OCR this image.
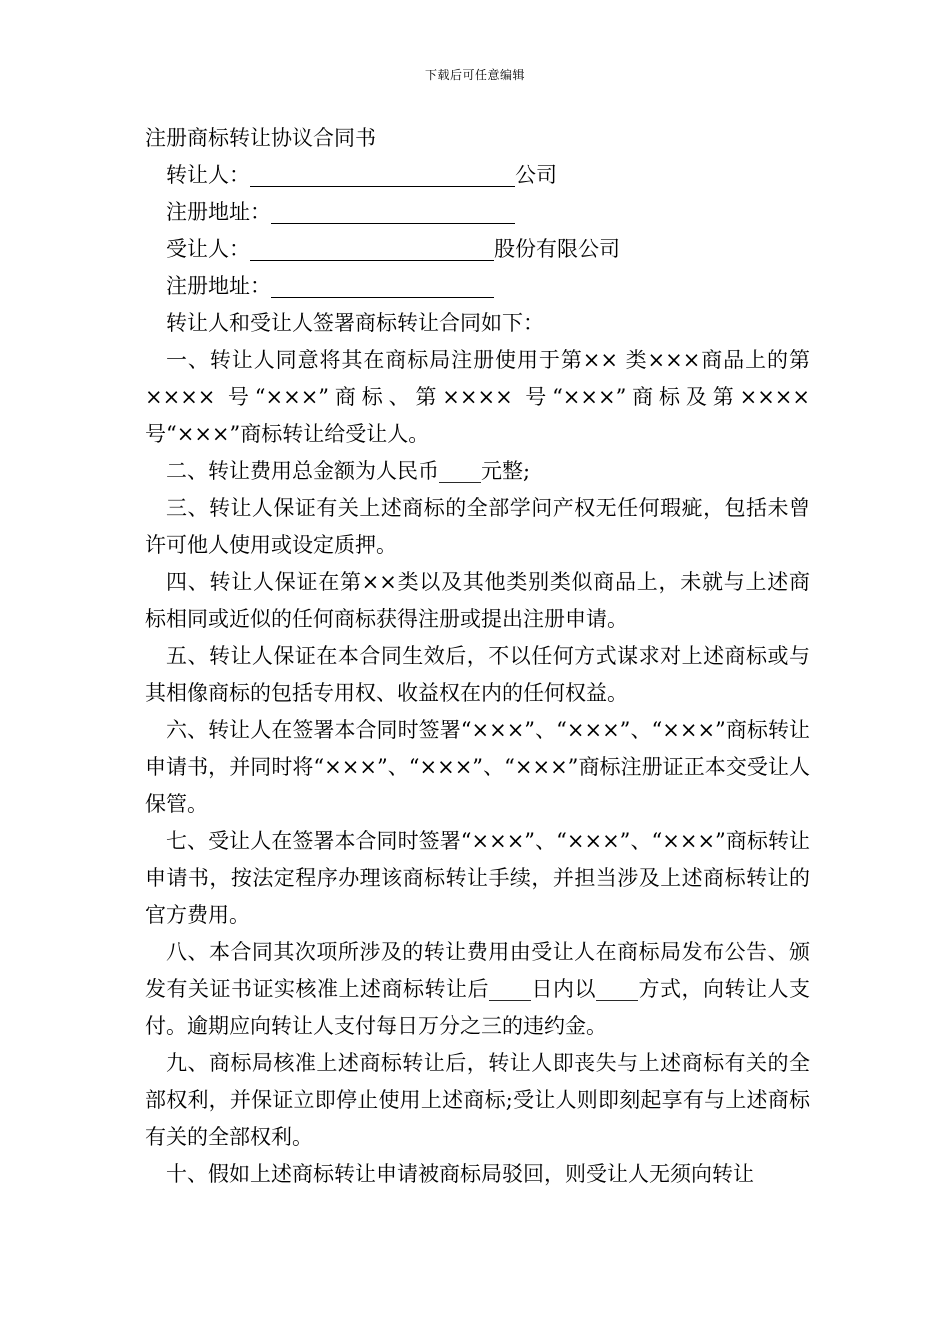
下载后可任意编辑
注册商标转让协议合同书
转让人：	公司
注册地址：
受让人：	股份有限公司
注册地址：

转让人和受让人签署商标转让合同如下：

一、转让人同意将其在商标局注册使用于第×× 类×××商品上的第×××× 号“×××”商标、第×××× 号“×××”商标及第×××× 号“×××”商标转让给受让人。

二、转让费用总金额为人民币____元整;

三、转让人保证有关上述商标的全部学问产权无任何瑕疵，包括未曾许可他人使用或设定质押。

四、转让人保证在第××类以及其他类别类似商品上，未就与上述商标相同或近似的任何商标获得注册或提出注册申请。

五、转让人保证在本合同生效后，不以任何方式谋求对上述商标或与其相像商标的包括专用权、收益权在内的任何权益。

六、转让人在签署本合同时签署“×××”、“×××”、“×××”商标转让申请书，并同时将“×××”、“×××”、“×××”商标注册证正本交受让人保管。

七、受让人在签署本合同时签署“×××”、“×××”、“×××”商标转让申请书，按法定程序办理该商标转让手续，并担当涉及上述商标转让的官方费用。

八、本合同其次项所涉及的转让费用由受让人在商标局发布公告、颁发有关证书证实核准上述商标转让后____日内以____方式，向转让人支付。逾期应向转让人支付每日万分之三的违约金。

九、商标局核准上述商标转让后，转让人即丧失与上述商标有关的全部权利，并保证立即停止使用上述商标;受让人则即刻起享有与上述商标有关的全部权利。

十、假如上述商标转让申请被商标局驳回，则受让人无须向转让
